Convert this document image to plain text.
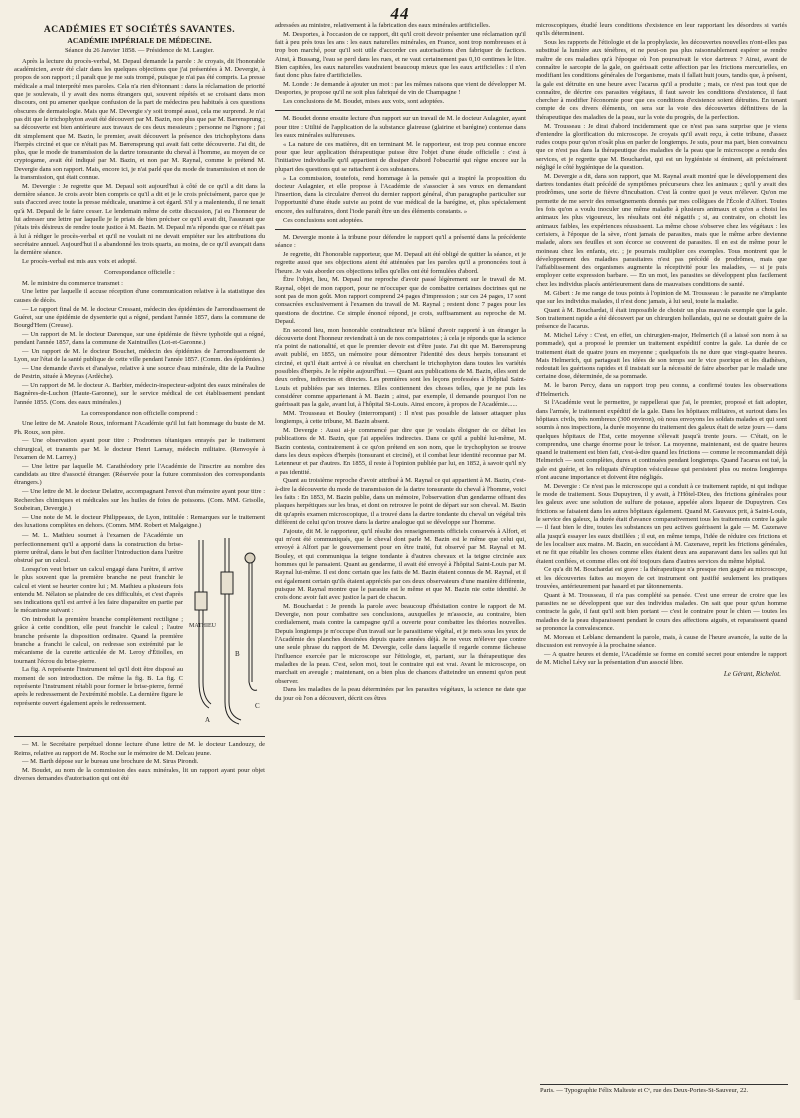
44
ACADÉMIES ET SOCIÉTÉS SAVANTES.
ACADÉMIE IMPÉRIALE DE MÉDECINE.
Séance du 26 Janvier 1858. — Présidence de M. Laugier.

Après la lecture du procès-verbal, M. Depaul demande la parole : Je croyais, dit l'honorable académicien, avoir été clair dans les quelques objections que j'ai présentées à M. Devergie, à propos de son rapport ; il paraît que je me suis trompé, puisque je n'ai pas été compris. La presse médicale a mal interprété mes paroles. Cela n'a rien d'étonnant : dans la réclamation de priorité que je soulevais, il y avait des noms étrangers qui, souvent répétés et se croisant dans mon discours, ont pu amener quelque confusion de la part de médecins peu habitués à ces questions obscures de dermatologie. Mais que M. Devergie s'y soit trompé aussi, cela me surprend. Je n'ai pas dit que le trichophyton avait été découvert par M. Bazin, non plus que par M. Bærensprung ; sa découverte est bien antérieure aux travaux de ces deux messieurs ; personne ne l'ignore ; j'ai dit simplement que M. Bazin, le premier, avait découvert la présence des trichophytons dans l'herpès circiné et que ce n'était pas M. Bærensprung qui avait fait cette découverte. J'ai dit, de plus, que le mode de transmission de la dartre tonsurante du cheval à l'homme, au moyen de ce cryptogame, avait été indiqué par M. Bazin, et non par M. Raynal, comme le prétend M. Devergie dans son rapport. Mais, encore ici, je n'ai parlé que du mode de transmission et non de la transmission, qui était connue.

M. Devergie : Je regrette que M. Depaul soit aujourd'hui à côté de ce qu'il a dit dans la dernière séance. Je crois avoir bien compris ce qu'il a dit et je le crois précisément, parce que je suis d'accord avec toute la presse médicale, unanime à cet égard. S'il y a malentendu, il ne tenait qu'à M. Depaul de le faire cesser. Le lendemain même de cette discussion, j'ai eu l'honneur de lui adresser une lettre par laquelle je le priais de bien préciser ce qu'il avait dit, l'assurant que j'étais très désireux de rendre toute justice à M. Bazin. M. Depaul m'a répondu que ce n'était pas à lui à rédiger le procès-verbal et qu'il ne voulait ni ne devait empiéter sur les attributions du secrétaire annuel. Aujourd'hui il a abandonné les trois quarts, au moins, de ce qu'il avançait dans la dernière séance.

Le procès-verbal est mis aux voix et adopté.

Correspondance officielle :

M. le ministre du commerce transmet :

Une lettre par laquelle il accuse réception d'une communication relative à la statistique des causes de décès.

— Le rapport final de M. le docteur Cressant, médecin des épidémies de l'arrondissement de Guéret, sur une épidémie de dysenterie qui a régné, pendant l'année 1857, dans la commune de Bourgd'Hem (Creuse).

— Un rapport de M. le docteur Darenque, sur une épidémie de fièvre typhoïde qui a régné, pendant l'année 1857, dans la commune de Xaintrailles (Lot-et-Garonne.)

— Un rapport de M. le docteur Bouchet, médecin des épidémies de l'arrondissement de Lyon, sur l'état de la santé publique de cette ville pendant l'année 1857. (Comm. des épidémies.)

— Une demande d'avis et d'analyse, relative à une source d'eau minérale, dite de la Pauline de Pestrin, située à Meyras (Ardèche).

— Un rapport de M. le docteur A. Barbier, médecin-inspecteur-adjoint des eaux minérales de Bagnères-de-Luchon (Haute-Garonne), sur le service médical de cet établissement pendant l'année 1855. (Com. des eaux minérales.)

La correspondance non officielle comprend :

Une lettre de M. Anatole Roux, informant l'Académie qu'il lui fait hommage du buste de M. Ph. Roux, son père.

— Une observation ayant pour titre : Prodromes tétaniques enrayés par le traitement chirurgical, et transmis par M. le docteur Henri Larnay, médecin militaire. (Renvoyée à l'examen de M. Larrey.)

— Une lettre par laquelle M. Carathéodory prie l'Académie de l'inscrire au nombre des candidats au titre d'associé étranger. (Réservée pour la future commission des correspondants étrangers.)

— Une lettre de M. le docteur Delattre, accompagnant l'envoi d'un mémoire ayant pour titre : Recherches chimiques et médicales sur les huiles de foies de poissons. (Com. MM. Grisolle, Soubeiran, Devergie.)

— Une note de M. le docteur Philippeaux, de Lyon, intitulée : Remarques sur le traitement des luxations complètes en dehors. (Comm. MM. Robert et Malgaigne.)

— M. L. Mathieu soumet à l'examen de l'Académie un perfectionnement qu'il a apporté dans la construction du brise-pierre urétral, dans le but d'en faciliter l'introduction dans l'urètre obstrué par un calcul.

Lorsqu'on veut briser un calcul engagé dans l'urètre, il arrive le plus souvent que la première branche ne peut franchir le calcul et vient se heurter contre lui ; M. Mathieu a plusieurs fois entendu M. Nélaton se plaindre de ces difficultés, et c'est d'après ses indications qu'il est arrivé à les faire disparaître en partie par le mécanisme suivant :

On introduit la première branche complètement rectiligne ; grâce à cette condition, elle peut franchir le calcul ; l'autre branche présente la disposition ordinaire. Quand la première branche a franchi le calcul, on redresse son extrémité par le mécanisme de la curette articulée de M. Leroy d'Étiolles, en tournant l'écrou du brise-pierre.

La fig. A représente l'instrument tel qu'il doit être disposé au moment de son introduction. De même la fig. B. La fig. C représente l'instrument rétabli pour former le brise-pierre, fermé après le redressement de l'extrémité mobile. La dernière figure le représente ouvert également après le redressement.

MATHIEU
A
B
C

— M. le Secrétaire perpétuel donne lecture d'une lettre de M. le docteur Landouzy, de Reims, relative au rapport de M. Roche sur le mémoire de M. Delcau jeune.

— M. Barth dépose sur le bureau une brochure de M. Sirus Pirondi.

M. Boudet, au nom de la commission des eaux minérales, lit un rapport ayant pour objet diverses demandes d'autorisation qui ont été

adressées au ministre, relativement à la fabrication des eaux minérales artificielles.

M. Desportes, à l'occasion de ce rapport, dit qu'il croit devoir présenter une réclamation qu'il fait à peu près tous les ans : les eaux naturelles minérales, en France, sont trop nombreuses et à trop bon marché, pour qu'il soit utile d'accorder ces autorisations d'en fabriquer de factices. Ainsi, à Bussang, l'eau se perd dans les rues, et ne vaut certainement pas 0,10 centimes le litre. Bien capitées, les eaux naturelles vaudraient beaucoup mieux que les eaux artificielles : il n'en faut donc plus faire d'artificielles.

M. Londe : Je demande à ajouter un mot : par les mêmes raisons que vient de développer M. Desportes, je propose qu'il ne soit plus fabriqué de vin de Champagne !

Les conclusions de M. Boudet, mises aux voix, sont adoptées.

M. Boudet donne ensuite lecture d'un rapport sur un travail de M. le docteur Aulagnier, ayant pour titre : Utilité de l'application de la substance glaireuse (glairine et barégine) contenue dans les eaux minérales sulfureuses.

« La nature de ces matières, dit en terminant M. le rapporteur, est trop peu connue encore pour que leur application thérapeutique puisse être l'objet d'une étude officielle : c'est à l'initiative individuelle qu'il appartient de dissiper d'abord l'obscurité qui règne encore sur la plupart des questions qui se rattachent à ces substances.

» La commission, toutefois, rend hommage à la pensée qui a inspiré la proposition du docteur Aulagnier, et elle propose à l'Académie de s'associer à ses vœux en demandant l'insertion, dans la circulaire d'envoi du dernier rapport général, d'un paragraphe particulier sur l'opportunité d'une étude suivie au point de vue médical de la barégine, et, plus spécialement encore, des sulfuraires, dont l'iode paraît être un des éléments constants. »

Ces conclusions sont adoptées.

M. Devergie monte à la tribune pour défendre le rapport qu'il a présenté dans la précédente séance :

Je regrette, dit l'honorable rapporteur, que M. Depaul ait été obligé de quitter la séance, et je regrette aussi que ses objections aient été atténuées par les paroles qu'il a prononcées tout à l'heure. Je vais aborder ces objections telles qu'elles ont été formulées d'abord.

Être l'objet, lieu, M. Depaul me reproche d'avoir passé légèrement sur le travail de M. Raynal, objet de mon rapport, pour ne m'occuper que de combattre certaines doctrines qui ne sont pas de mon goût. Mon rapport comprend 24 pages d'impression ; sur ces 24 pages, 17 sont consacrées exclusivement à l'examen du travail de M. Raynal ; restent donc 7 pages pour les questions de doctrine. Ce simple énoncé répond, je crois, suffisamment au reproche de M. Depaul.

En second lieu, mon honorable contradicteur m'a blâmé d'avoir rapporté à un étranger la découverte dont l'honneur reviendrait à un de nos compatriotes ; à cela je réponds que la science n'a point de nationalité, et que le premier devoir est d'être juste. J'ai dit que M. Bærensprung avait publié, en 1855, un mémoire pour démontrer l'identité des deux herpès tonsurant et circiné, et qu'il était arrivé à ce résultat en cherchant le trichophyton dans toutes les variétés possibles d'herpès. Je le répète aujourd'hui. — Quant aux publications de M. Bazin, elles sont de deux ordres, indirectes et directes. Les premières sont les leçons professées à l'hôpital Saint-Louis et publiées par ses internes. Elles contiennent des choses telles, que je ne puis les considérer comme appartenant à M. Bazin ; ainsi, par exemple, il demande pourquoi l'on ne guérissait pas la gale, avant lui, à l'hôpital St-Louis. Ainsi encore, à propos de l'Académie......

MM. Trousseau et Bouley (interrompant) : Il n'est pas possible de laisser attaquer plus longtemps, à cette tribune, M. Bazin absent.

M. Devergie : Aussi ai-je commencé par dire que je voulais éloigner de ce débat les publications de M. Bazin, que j'ai appelées indirectes. Dans ce qu'il a publié lui-même, M. Bazin contesta, contrairement à ce qu'on prétend en son nom, que le trychophyton se trouve dans les deux espèces d'herpès (tonsurant et circiné), et il combat leur identité reconnue par M. Letenneur et par d'autres. En 1855, il reste à l'opinion publiée par lui, en 1852, à savoir qu'il n'y a pas identité.

Quant au troisième reproche d'avoir attribué à M. Raynal ce qui appartient à M. Bazin, c'est-à-dire la découverte du mode de transmission de la dartre tonsurante du cheval à l'homme, voici les faits : En 1853, M. Bazin publie, dans un mémoire, l'observation d'un gendarme offrant des plaques herpétiques sur les bras, et dont on retrouve le point de départ sur son cheval. M. Bazin dit qu'après examen microscopique, il a trouvé dans la dartre tondante du cheval un végétal très différent de celui qu'on trouve dans la dartre analogue qui se développe sur l'homme.

J'ajoute, dit M. le rapporteur, qu'il résulte des renseignements officiels conservés à Alfort, et qui m'ont été communiqués, que le cheval dont parle M. Bazin est le même que celui qui, envoyé à Alfort par le gouvernement pour en être traité, fut observé par M. Raynal et M. Bouley, et qui communiqua la teigne tondante à d'autres chevaux et la teigne circinée aux hommes qui le pansaient. Quant au gendarme, il avait été envoyé à l'hôpital Saint-Louis par M. Raynal lui-même. Il est donc certain que les faits de M. Bazin étaient connus de M. Raynal, et il est également certain qu'ils étaient appréciés par ces deux observateurs d'une manière différente, puisque M. Raynal montre que le parasite est le même et que M. Bazin nie cette identité. Je crois donc avoir fait avec justice la part de chacun.

M. Bouchardat : Je prends la parole avec beaucoup d'hésitation contre le rapport de M. Devergie, non pour combattre ses conclusions, auxquelles je m'associe, au contraire, bien cordialement, mais contre la campagne qu'il a ouverte pour combattre les théories nouvelles. Depuis longtemps je m'occupe d'un travail sur le parasitisme végétal, et je mets sous les yeux de l'Académie des planches dessinées depuis quatre années déjà. Je ne veux m'élever que contre une seule phrase du rapport de M. Devergie, celle dans laquelle il regarde comme fâcheuse l'influence exercée par le microscope sur l'étiologie, et, partant, sur la thérapeutique des maladies de la peau. C'est, selon moi, tout le contraire qui est vrai. Avant le microscope, on marchait en aveugle ; maintenant, on a bien plus de chances d'atteindre un ennemi qu'on peut observer.

Dans les maladies de la peau déterminées par les parasites végétaux, la science ne date que du jour où l'on a découvert, décrit ces êtres

microscopiques, étudié leurs conditions d'existence en leur rapportant les désordres si variés qu'ils déterminent.

Sous les rapports de l'étiologie et de la prophylaxie, les découvertes nouvelles n'ont-elles pas substitué la lumière aux ténèbres, et ne peut-on pas plus raisonnablement espérer se rendre maître de ces maladies qu'à l'époque où l'on poursuivait le vice dartreux ? Ainsi, avant de connaître le sarcopte de la gale, on guérissait cette affection par les frictions mercurielles, en modifiant les conditions générales de l'organisme, mais il fallait huit jours, tandis que, à présent, la gale est détruite en une heure avec l'acarus qu'il a produite ; mais, ce n'est pas tout que de connaître, de décrire ces parasites végétaux, il faut savoir les conditions d'existence, il faut chercher à modifier l'économie pour que ces conditions d'existence soient détruites. En tenant compte de ces divers éléments, on sera sur la voie des découvertes définitives de la thérapeutique des maladies de la peau, sur la voie du progrès, de la perfection.

M. Trousseau : Je dirai d'abord incidemment que ce n'est pas sans surprise que je viens d'entendre la glorification du microscope. Je croyais qu'il avait reçu, à cette tribune, d'assez rudes coups pour qu'on n'osât plus en parler de longtemps. Je suis, pour ma part, bien convaincu que ce n'est pas dans la thérapeutique des maladies de la peau que le microscope a rendu des services, et je regrette que M. Bouchardat, qui est un hygiéniste si éminent, ait précisément négligé le côté hygiénique de la question.

M. Devergie a dit, dans son rapport, que M. Raynal avait montré que le développement des dartres tondantes était précédé de symptômes précurseurs chez les animaux ; qu'il y avait des prodrômes, une sorte de fièvre d'incubation. C'est là contre quoi je veux m'élever. Qu'on me permette de me servir des renseignements donnés par mes collègues de l'École d'Alfort. Toutes les fois qu'on a voulu inoculer une même maladie à plusieurs animaux et qu'on a choisi les animaux les plus vigoureux, les résultats ont été négatifs ; si, au contraire, on choisit les animaux faibles, les expériences réussissent. La même chose s'observe chez les végétaux : les cerisiers, à l'époque de la sève, n'ont jamais de parasites, mais que le même arbre devienne malade, alors ses feuilles et son écorce se couvrent de parasites. Il en est de même pour le moineau chez les enfants, etc. ; je pourrais multiplier ces exemples. Tous montrent que le développement des maladies parasitaires n'est pas précédé de prodrômes, mais que l'affaiblissement des organismes augmente la réceptivité pour les maladies, — si je puis employer cette expression barbare. — En un mot, les parasites se développent plus facilement chez les individus placés antérieurement dans de mauvaises conditions de santé.

M. Gibert : Je me range de tous points à l'opinion de M. Trousseau : le parasite ne s'implante que sur les individus malades, il n'est donc jamais, à lui seul, toute la maladie.

Quant à M. Bouchardat, il était impossible de choisir un plus mauvais exemple que la gale. Son traitement rapide a été découvert par un chirurgien hollandais, qui ne se doutait guère de la présence de l'acarus.

M. Michel Lévy : C'est, en effet, un chirurgien-major, Helmerich (il a laissé son nom à sa pommade), qui a proposé le premier un traitement expéditif contre la gale. La durée de ce traitement était de quatre jours en moyenne ; quelquefois ils ne dure que vingt-quatre heures. Mais Helmerich, qui partageait les idées de son temps sur le vice psorique et les diathèses, redoutait les guérisons rapides et il insistait sur la nécessité de faire absorber par le malade une certaine dose, déterminée, de sa pommade.

M. le baron Percy, dans un rapport trop peu connu, a confirmé toutes les observations d'Helmerich.

Si l'Académie veut le permettre, je rappellerai que j'ai, le premier, proposé et fait adopter, dans l'armée, le traitement expéditif de la gale. Dans les hôpitaux militaires, et surtout dans les hôpitaux civils, très nombreux (300 environ), où nous envoyons les soldats malades et qui sont soumis à nos inspections, la durée moyenne du traitement des galeux était de seize jours — dans quelques hôpitaux de l'Est, cette moyenne s'élevait jusqu'à trente jours. — C'était, on le comprendra, une charge énorme pour le trésor. La moyenne, maintenant, est de quatre heures quand le traitement est bien fait, c'est-à-dire quand les frictions — comme le recommandait déjà Helmerich — sont complètes, dures et continuées pendant longtemps. Quand l'acarus est tué, la gale est guérie, et les reliquats d'éruption vésiculeuse qui persistent plus ou moins longtemps n'ont aucune importance et doivent être négligés.

M. Devergie : Ce n'est pas le microscope qui a conduit à ce traitement rapide, ni qui indique le mode de traitement. Sous Dupuytren, il y avait, à l'Hôtel-Dieu, des frictions générales pour les galeux avec une solution de sulfure de potasse, appelée alors liqueur de Dupuytren. Ces frictions se faisaient dans les autres hôpitaux également. Quand M. Gauvaux prit, à Saint-Louis, le service des galeux, la durée était d'avance comparativement tous les traitements contre la gale — il faut bien le dire, toutes les substances un peu actives guérissent la gale — M. Cazenave alla jusqu'à essayer les eaux distillées ; il eut, en même temps, l'idée de réduire ces frictions et de les localiser aux mains. M. Bazin, en succédant à M. Cazenave, reprit les frictions générales, et ne fit que rétablir les choses comme elles étaient deux ans auparavant dans les salles qui lui étaient confiées, et comme elles ont été toujours dans d'autres services du même hôpital.

Ce qu'a dit M. Bouchardat est grave : la thérapeutique n'a presque rien gagné au microscope, et les découvertes faites au moyen de cet instrument ont justifié seulement les pratiques trouvées, antérieurement par hasard et par tâtonnements.

Quant à M. Trousseau, il n'a pas complété sa pensée. C'est une erreur de croire que les parasites ne se développent que sur des individus malades. On sait que pour qu'un homme contracte la gale, il faut qu'il soit bien portant — c'est le contraire pour le chien — toutes les maladies de la peau disparaissent pendant le cours des affections aiguës, et reparaissent quand se prononce la convalescence.

M. Moreau et Leblanc demandent la parole, mais, à cause de l'heure avancée, la suite de la discussion est renvoyée à la prochaine séance.

— A quatre heures et demie, l'Académie se forme en comité secret pour entendre le rapport de M. Michel Lévy sur la présentation d'un associé libre.

Le Gérant, Richelot.
Paris. — Typographie Félix Malteste et Cᵉ, rue des Deux-Portes-St-Sauveur, 22.
